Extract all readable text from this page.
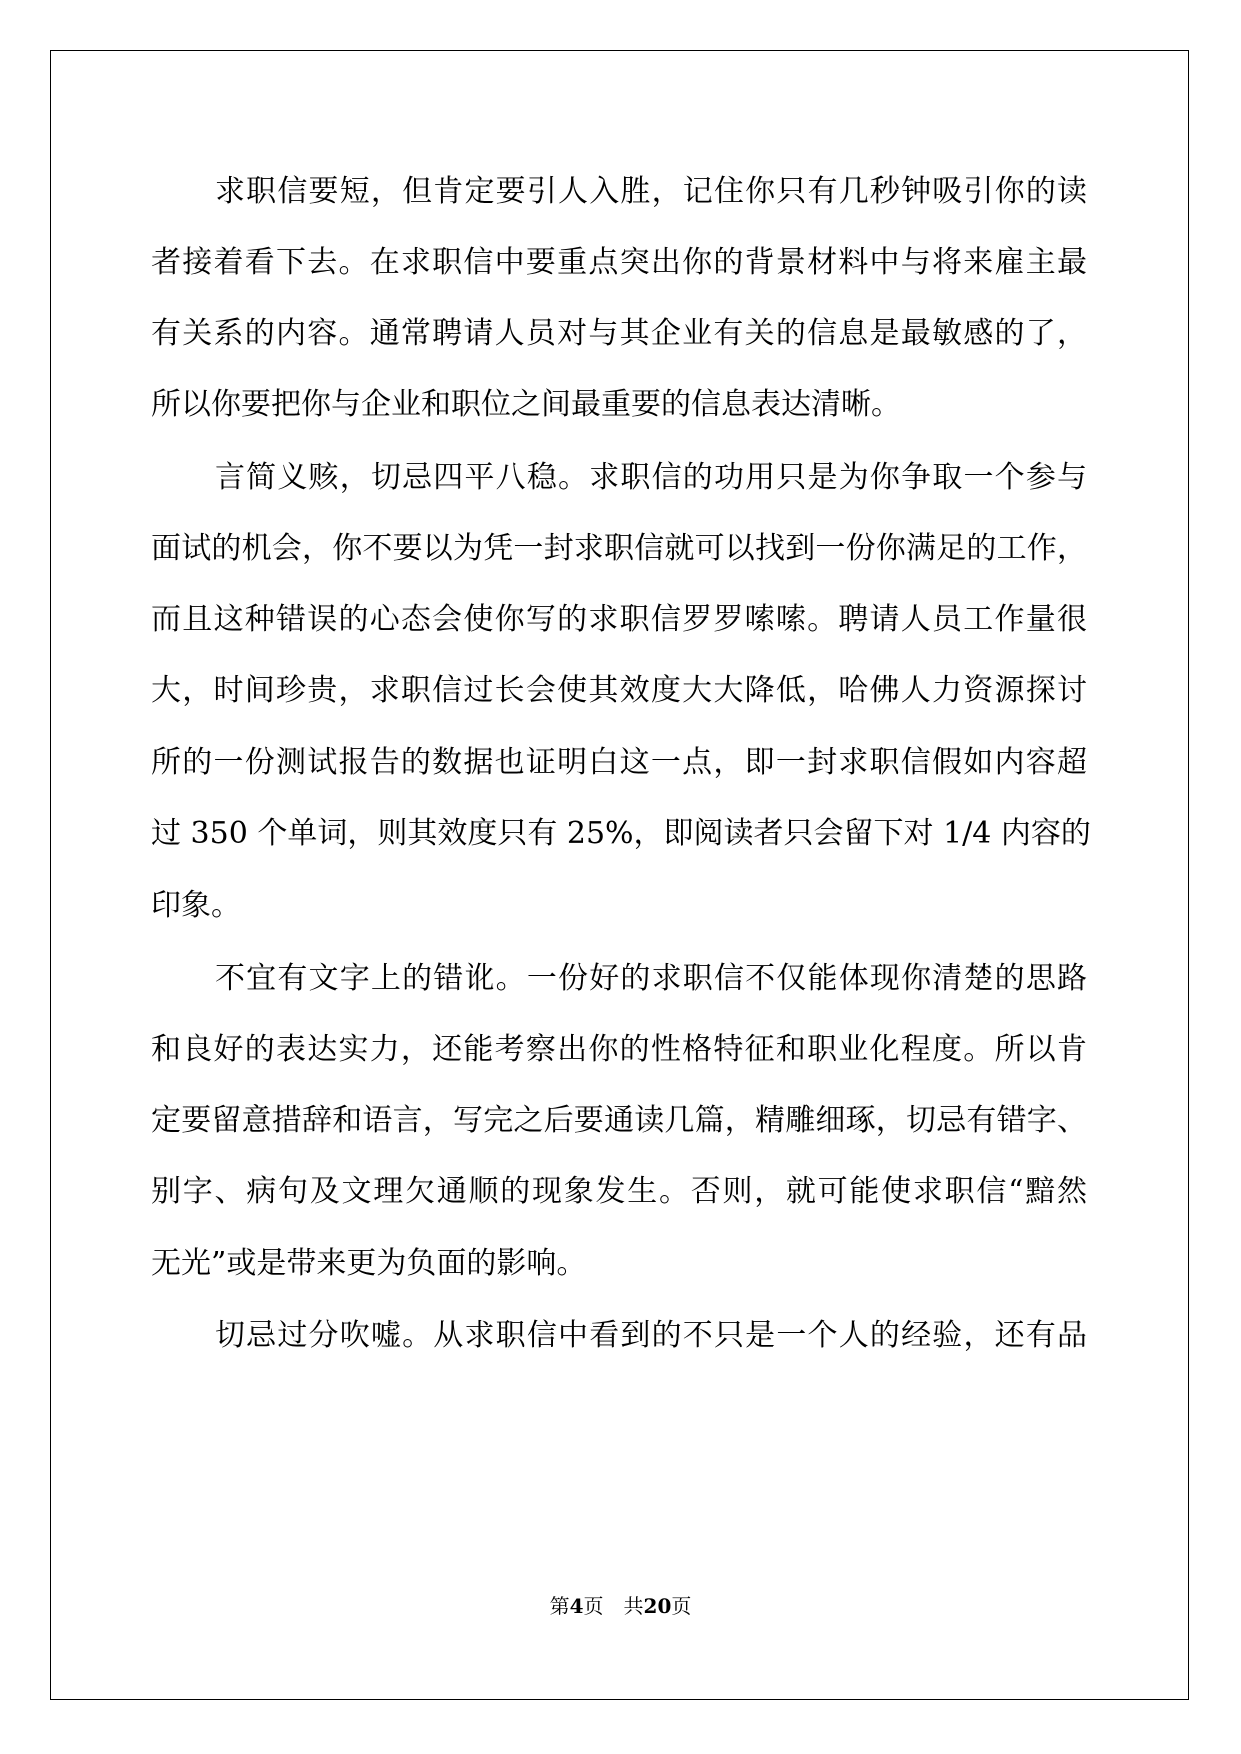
求职信要短，但肯定要引人入胜，记住你只有几秒钟吸引你的读
者接着看下去。在求职信中要重点突出你的背景材料中与将来雇主最
有关系的内容。通常聘请人员对与其企业有关的信息是最敏感的了，
所以你要把你与企业和职位之间最重要的信息表达清晰。
言简义赅，切忌四平八稳。求职信的功用只是为你争取一个参与
面试的机会，你不要以为凭一封求职信就可以找到一份你满足的工作，
而且这种错误的心态会使你写的求职信罗罗嗦嗦。聘请人员工作量很
大，时间珍贵，求职信过长会使其效度大大降低，哈佛人力资源探讨
所的一份测试报告的数据也证明白这一点，即一封求职信假如内容超
过 350 个单词，则其效度只有 25%，即阅读者只会留下对 1/4 内容的
印象。
不宜有文字上的错讹。一份好的求职信不仅能体现你清楚的思路
和良好的表达实力，还能考察出你的性格特征和职业化程度。所以肯
定要留意措辞和语言，写完之后要通读几篇，精雕细琢，切忌有错字、
别字、病句及文理欠通顺的现象发生。否则，就可能使求职信“黯然
无光”或是带来更为负面的影响。
切忌过分吹嘘。从求职信中看到的不只是一个人的经验，还有品
第4页　共20页
